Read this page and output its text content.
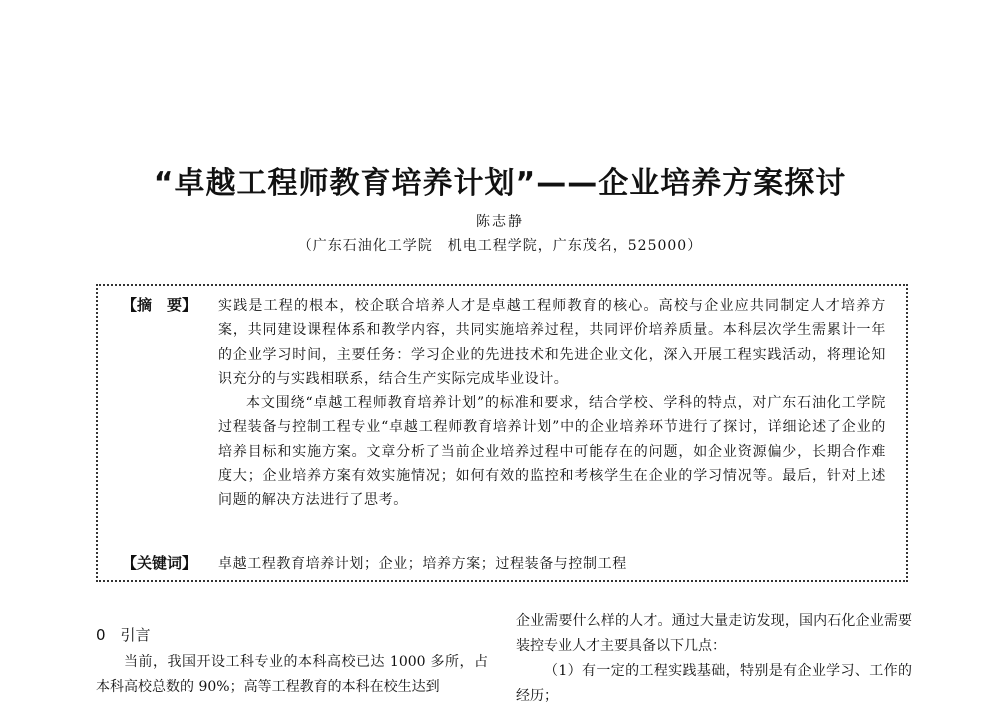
“卓越工程师教育培养计划”——企业培养方案探讨
陈志静
（广东石油化工学院　机电工程学院，广东茂名，525000）
【摘　要】	实践是工程的根本，校企联合培养人才是卓越工程师教育的核心。高校与企业应共同制定人才培养方案，共同建设课程体系和教学内容，共同实施培养过程，共同评价培养质量。本科层次学生需累计一年的企业学习时间，主要任务：学习企业的先进技术和先进企业文化，深入开展工程实践活动，将理论知识充分的与实践相联系，结合生产实际完成毕业设计。

本文围绕“卓越工程师教育培养计划”的标准和要求，结合学校、学科的特点，对广东石油化工学院过程装备与控制工程专业“卓越工程师教育培养计划”中的企业培养环节进行了探讨，详细论述了企业的培养目标和实施方案。文章分析了当前企业培养过程中可能存在的问题，如企业资源偏少，长期合作难度大；企业培养方案有效实施情况；如何有效的监控和考核学生在企业的学习情况等。最后，针对上述问题的解决方法进行了思考。

【关键词】	卓越工程教育培养计划；企业；培养方案；过程装备与控制工程
0　引言
当前，我国开设工科专业的本科高校已达 1000 多所，占本科高校总数的 90%；高等工程教育的本科在校生达到

企业需要什么样的人才。通过大量走访发现，国内石化企业需要装控专业人才主要具备以下几点：

（1）有一定的工程实践基础，特别是有企业学习、工作的经历；
